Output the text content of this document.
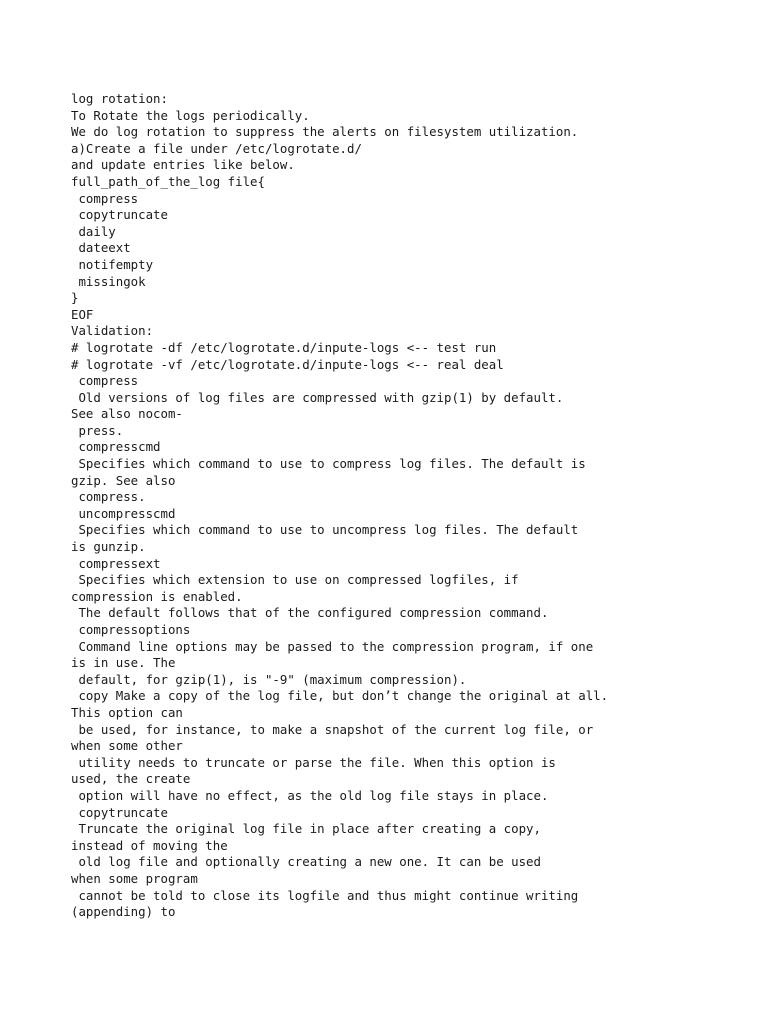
log rotation:
To Rotate the logs periodically.
We do log rotation to suppress the alerts on filesystem utilization.
a)Create a file under /etc/logrotate.d/
and update entries like below.
full_path_of_the_log file{
compress
copytruncate
daily
dateext
notifempty
missingok
}
EOF
Validation:
# logrotate -df /etc/logrotate.d/inpute-logs <-- test run
# logrotate -vf /etc/logrotate.d/inpute-logs <-- real deal
compress
Old versions of log files are compressed with gzip(1) by default.
See also nocom-
press.
compresscmd
Specifies which command to use to compress log files. The default is
gzip. See also
compress.
uncompresscmd
Specifies which command to use to uncompress log files. The default
is gunzip.
compressext
Specifies which extension to use on compressed logfiles, if
compression is enabled.
The default follows that of the configured compression command.
compressoptions
Command line options may be passed to the compression program, if one
is in use. The
default, for gzip(1), is "-9" (maximum compression).
copy Make a copy of the log file, but don’t change the original at all.
This option can
be used, for instance, to make a snapshot of the current log file, or
when some other
utility needs to truncate or parse the file. When this option is
used, the create
option will have no effect, as the old log file stays in place.
copytruncate
Truncate the original log file in place after creating a copy,
instead of moving the
old log file and optionally creating a new one. It can be used
when some program
cannot be told to close its logfile and thus might continue writing
(appending) to
